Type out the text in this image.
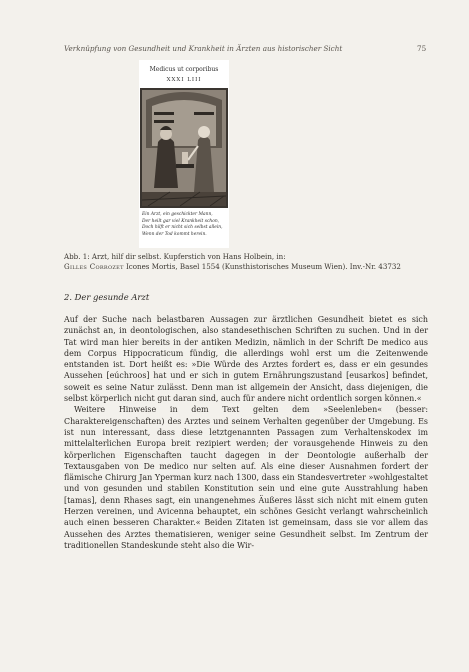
Verknüpfung von Gesundheit und Krankheit in Ärzten aus historischer Sicht	75
Medicus ut corporibus
XXXI LIII
Ein Arzt, ein geschickter Mann,
Der heilt gar viel Krankheit schon,
Doch hilft er nicht sich selbst allein,
Wenn der Tod kommt herein.
Abb. 1: Arzt, hilf dir selbst. Kupferstich von Hans Holbein, in:
Gilles Corrozet Icones Mortis, Basel 1554 (Kunsthistorisches Museum Wien). Inv.-Nr. 43732
2. Der gesunde Arzt

Auf der Suche nach belastbaren Aussagen zur ärztlichen Gesundheit bietet es sich zunächst an, in deontologischen, also standesethischen Schriften zu suchen. Und in der Tat wird man hier bereits in der antiken Medizin, nämlich in der Schrift De medico aus dem Corpus Hippocraticum fündig, die allerdings wohl erst um die Zeitenwende entstanden ist. Dort heißt es: »Die Würde des Arztes fordert es, dass er ein gesundes Aussehen [eúchroos] hat und er sich in gutem Ernährungszustand [eusarkos] befindet, soweit es seine Natur zulässt. Denn man ist allgemein der Ansicht, dass diejenigen, die selbst körperlich nicht gut daran sind, auch für andere nicht ordentlich sorgen können.«

Weitere Hinweise in dem Text gelten dem »Seelenleben« (besser: Charaktereigenschaften) des Arztes und seinem Verhalten gegenüber der Umgebung. Es ist nun interessant, dass diese letztgenannten Passagen zum Verhaltenskodex im mittelalterlichen Europa breit rezipiert werden; der vorausgehende Hinweis zu den körperlichen Eigenschaften taucht dagegen in der Deontologie außerhalb der Textausgaben von De medico nur selten auf. Als eine dieser Ausnahmen fordert der flämische Chirurg Jan Yperman kurz nach 1300, dass ein Standesvertreter »wohlgestaltet und von gesunden und stabilen Konstitution sein und eine gute Ausstrahlung haben [tamas], denn Rhases sagt, ein unangenehmes Äußeres lässt sich nicht mit einem guten Herzen vereinen, und Avicenna behauptet, ein schönes Gesicht verlangt wahrscheinlich auch einen besseren Charakter.« Beiden Zitaten ist gemeinsam, dass sie vor allem das Aussehen des Arztes thematisieren, weniger seine Gesundheit selbst. Im Zentrum der traditionellen Standeskunde steht also die Wir-
